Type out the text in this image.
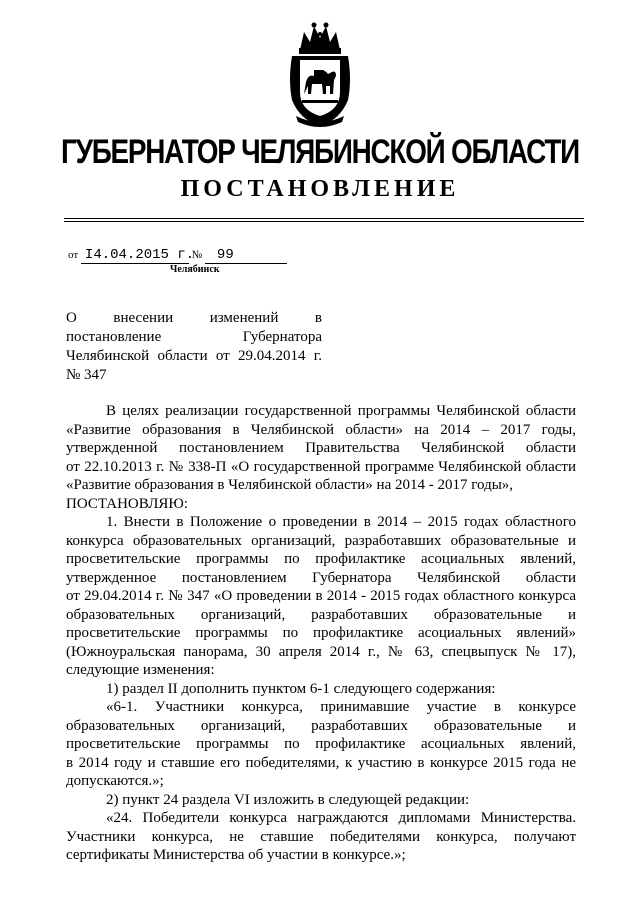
ГУБЕРНАТОР ЧЕЛЯБИНСКОЙ ОБЛАСТИ
ПОСТАНОВЛЕНИЕ
от I4.04.2015 г. № 99
Челябинск
О внесении изменений в
постановление Губернатора
Челябинской области от 29.04.2014 г.
№ 347
В целях реализации государственной программы Челябинской области
«Развитие образования в Челябинской области» на 2014 – 2017 годы,
утвержденной постановлением Правительства Челябинской области
от 22.10.2013 г. № 338-П «О государственной программе Челябинской области
«Развитие образования в Челябинской области» на 2014 - 2017 годы»,
ПОСТАНОВЛЯЮ:
1. Внести в Положение о проведении в 2014 – 2015 годах областного
конкурса образовательных организаций, разработавших образовательные и
просветительские программы по профилактике асоциальных явлений,
утвержденное постановлением Губернатора Челябинской области
от 29.04.2014 г. № 347 «О проведении в 2014 - 2015 годах областного конкурса
образовательных организаций, разработавших образовательные и
просветительские программы по профилактике асоциальных явлений»
(Южноуральская панорама, 30 апреля 2014 г., № 63, спецвыпуск № 17),
следующие изменения:
1) раздел II дополнить пунктом 6-1 следующего содержания:
«6-1. Участники конкурса, принимавшие участие в конкурсе
образовательных организаций, разработавших образовательные и
просветительские программы по профилактике асоциальных явлений,
в 2014 году и ставшие его победителями, к участию в конкурсе 2015 года не
допускаются.»;
2) пункт 24 раздела VI изложить в следующей редакции:
«24. Победители конкурса награждаются дипломами Министерства.
Участники конкурса, не ставшие победителями конкурса, получают
сертификаты Министерства об участии в конкурсе.»;
